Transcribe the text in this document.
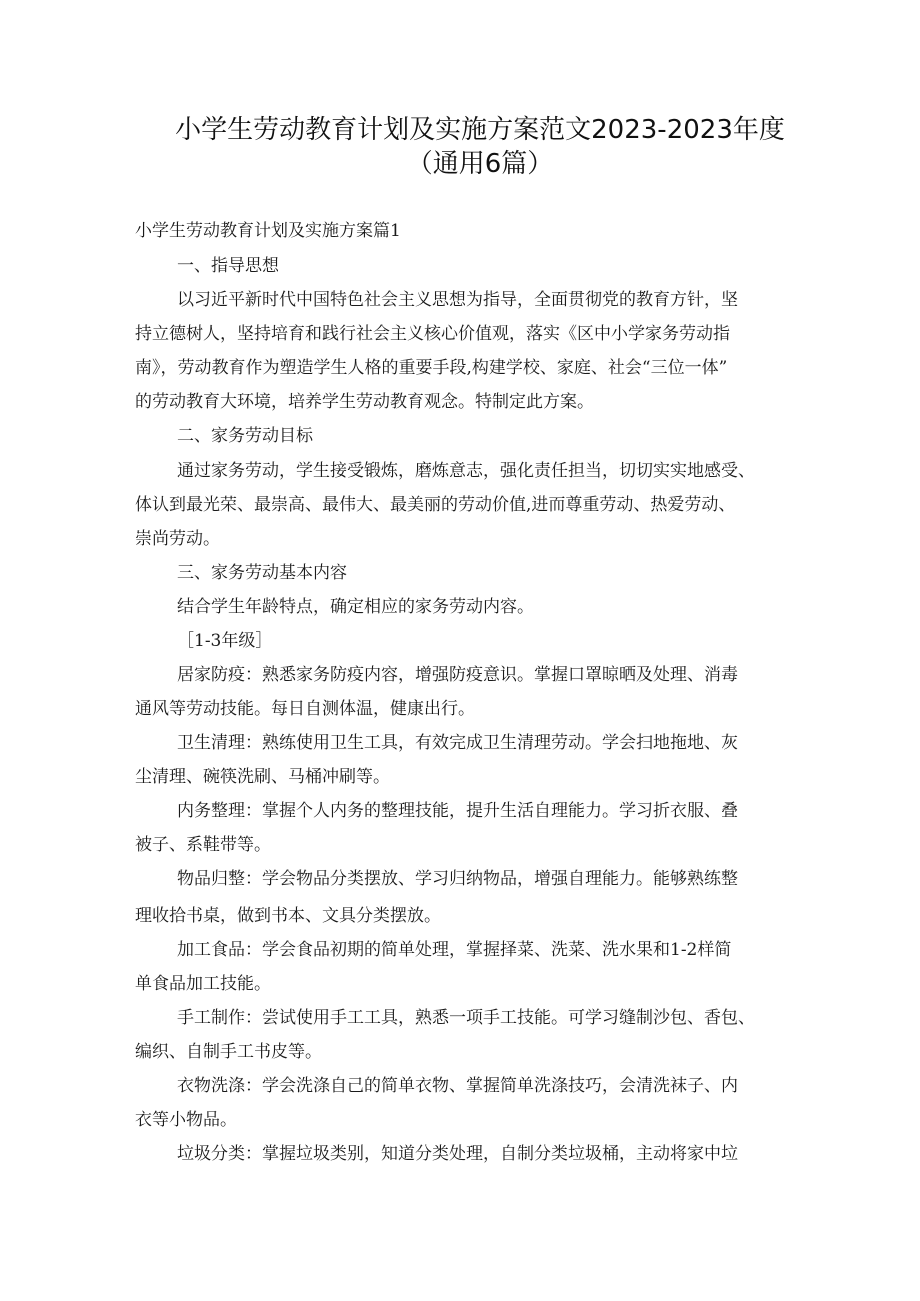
小学生劳动教育计划及实施方案范文2023-2023年度
（通用6篇）
小学生劳动教育计划及实施方案篇1
一、指导思想
以习近平新时代中国特色社会主义思想为指导，全面贯彻党的教育方针，坚
持立德树人，坚持培育和践行社会主义核心价值观，落实《区中小学家务劳动指
南》，劳动教育作为塑造学生人格的重要手段,构建学校、家庭、社会“三位一体”
的劳动教育大环境，培养学生劳动教育观念。特制定此方案。
二、家务劳动目标
通过家务劳动，学生接受锻炼，磨炼意志，强化责任担当，切切实实地感受、
体认到最光荣、最崇高、最伟大、最美丽的劳动价值,进而尊重劳动、热爱劳动、
崇尚劳动。
三、家务劳动基本内容
结合学生年龄特点，确定相应的家务劳动内容。
［1-3年级］
居家防疫：熟悉家务防疫内容，增强防疫意识。掌握口罩晾晒及处理、消毒
通风等劳动技能。每日自测体温，健康出行。
卫生清理：熟练使用卫生工具，有效完成卫生清理劳动。学会扫地拖地、灰
尘清理、碗筷洗刷、马桶冲刷等。
内务整理：掌握个人内务的整理技能，提升生活自理能力。学习折衣服、叠
被子、系鞋带等。
物品归整：学会物品分类摆放、学习归纳物品，增强自理能力。能够熟练整
理收拾书桌，做到书本、文具分类摆放。
加工食品：学会食品初期的简单处理，掌握择菜、洗菜、洗水果和1-2样简
单食品加工技能。
手工制作：尝试使用手工工具，熟悉一项手工技能。可学习缝制沙包、香包、
编织、自制手工书皮等。
衣物洗涤：学会洗涤自己的简单衣物、掌握简单洗涤技巧，会清洗袜子、内
衣等小物品。
垃圾分类：掌握垃圾类别，知道分类处理，自制分类垃圾桶，主动将家中垃
